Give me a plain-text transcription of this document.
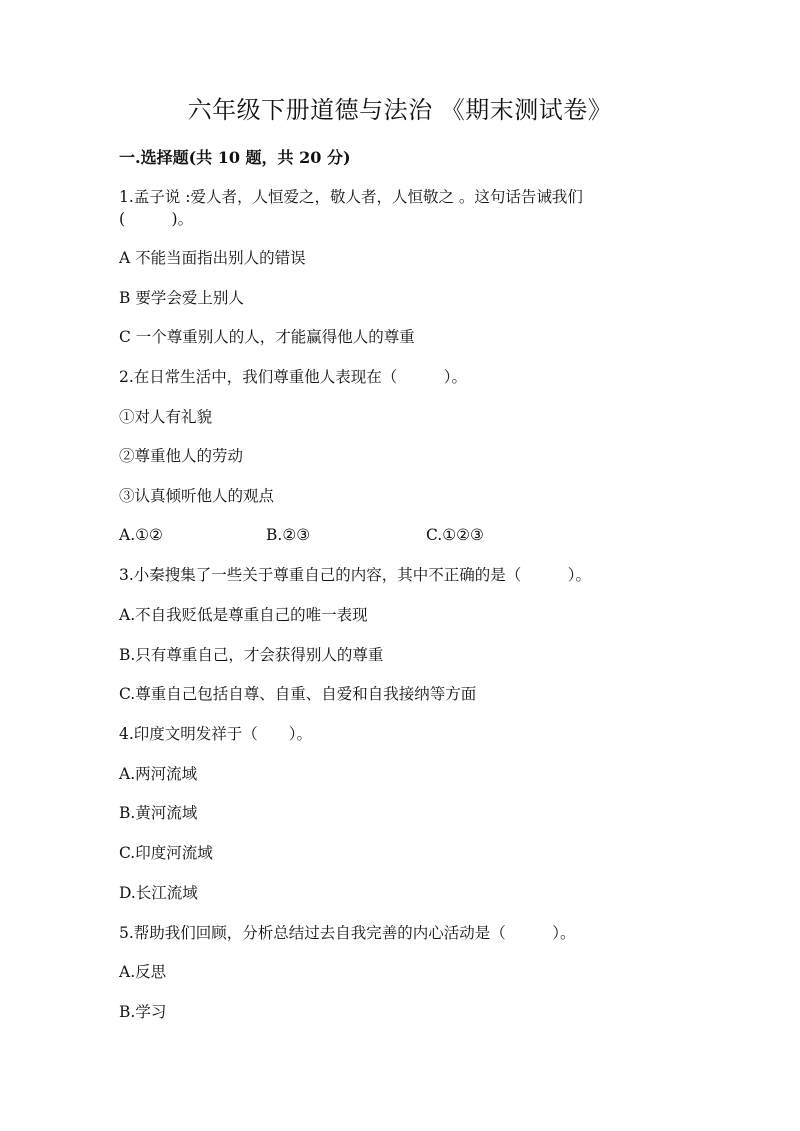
六年级下册道德与法治 《期末测试卷》
一.选择题(共 10 题，共 20 分)
1.孟子说 :爱人者，人恒爱之，敬人者，人恒敬之 。这句话告诫我们
(　　　)。
A 不能当面指出别人的错误
B 要学会爱上别人
C 一个尊重别人的人，才能赢得他人的尊重
2.在日常生活中，我们尊重他人表现在（　　　）。
①对人有礼貌
②尊重他人的劳动
③认真倾听他人的观点
A.①②	B.②③	C.①②③
3.小秦搜集了一些关于尊重自己的内容，其中不正确的是（　　　）。
A.不自我贬低是尊重自己的唯一表现
B.只有尊重自己，才会获得别人的尊重
C.尊重自己包括自尊、自重、自爱和自我接纳等方面
4.印度文明发祥于（　　）。
A.两河流域
B.黄河流域
C.印度河流域
D.长江流域
5.帮助我们回顾，分析总结过去自我完善的内心活动是（　　　）。
A.反思
B.学习
